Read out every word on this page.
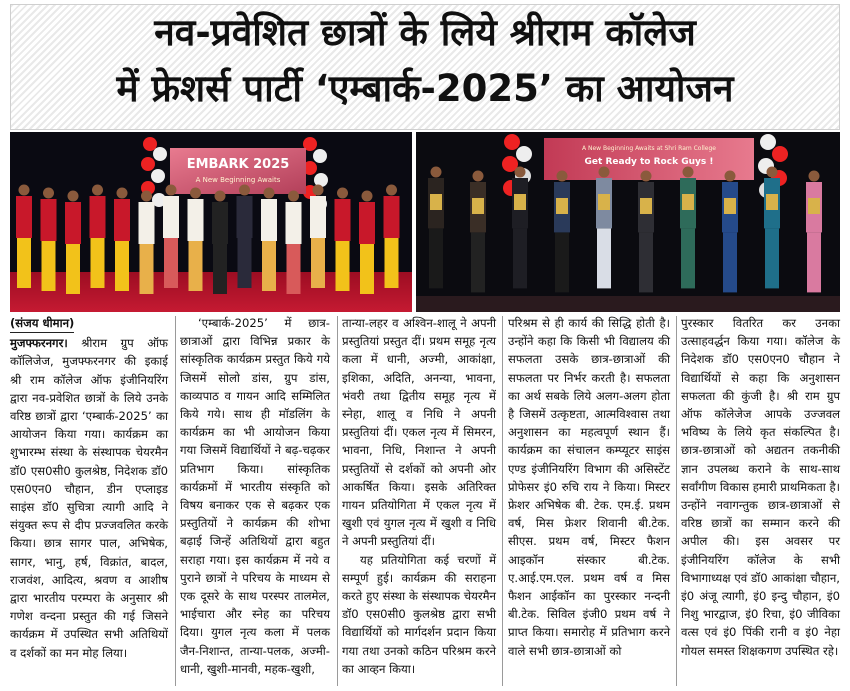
नव-प्रवेशित छात्रों के लिये श्रीराम कॉलेज
में फ्रेशर्स पार्टी ‘एम्बार्क-2025’ का आयोजन
EMBARK 2025
A New Beginning Awaits
A New Beginning Awaits at Shri Ram College
Get Ready to Rock Guys !
(संजय धीमान)

मुजफ्फरनगर। श्रीराम ग्रुप ऑफ कॉलिजेज, मुजफ्फरनगर की इकाई श्री राम कॉलेज ऑफ इंजीनियरिंग द्वारा नव-प्रवेशित छात्रों के लिये उनके वरिष्ठ छात्रों द्वारा ‘एम्बार्क-2025’ का आयोजन किया गया। कार्यक्रम का शुभारम्भ संस्था के संस्थापक चेयरमैन डॉ0 एस0सी0 कुलश्रेष्ठ, निदेशक डॉ0 एस0एन0 चौहान, डीन एप्लाइड साइंस डॉ0 सुचित्रा त्यागी आदि ने संयुक्त रूप से दीप प्रज्जवलित करके किया। छात्र सागर पाल, अभिषेक, सागर, भानु, हर्ष, विक्रांत, बादल, राजवंश, आदित्य, श्रवण व आशीष द्वारा भारतीय परम्परा के अनुसार श्री गणेश वन्दना प्रस्तुत की गई जिसने कार्यक्रम में उपस्थित सभी अतिथियों व दर्शकों का मन मोह लिया।

‘एम्बार्क-2025’ में छात्र-छात्राओं द्वारा विभिन्न प्रकार के सांस्कृतिक कार्यक्रम प्रस्तुत किये गये जिसमें सोलो डांस, ग्रुप डांस, काव्यपाठ व गायन आदि सम्मिलित किये गये। साथ ही मॉडलिंग के कार्यक्रम का भी आयोजन किया गया जिसमें विद्यार्थियों ने बढ़-चढ़कर प्रतिभाग किया। सांस्कृतिक कार्यक्रमों में भारतीय संस्कृति को विषय बनाकर एक से बढ़कर एक प्रस्तुतियों ने कार्यक्रम की शोभा बढ़ाई जिन्हें अतिथियों द्वारा बहुत सराहा गया। इस कार्यक्रम में नये व पुराने छात्रों ने परिचय के माध्यम से एक दूसरे के साथ परस्पर तालमेल, भाईचारा और स्नेह का परिचय दिया। युगल नृत्य कला में पलक जैन-निशान्त, तान्या-पलक, अज्मी-धानी, खुशी-मानवी, महक-खुशी,

तान्या-लहर व अश्विन-शालू ने अपनी प्रस्तुतियां प्रस्तुत दीं। प्रथम समूह नृत्य कला में धानी, अज्मी, आकांक्षा, इशिका, अदिति, अनन्या, भावना, भंवरी तथा द्वितीय समूह नृत्य में स्नेहा, शालू व निधि ने अपनी प्रस्तुतियां दीं। एकल नृत्य में सिमरन, भावना, निधि, निशान्त ने अपनी प्रस्तुतियों से दर्शकों को अपनी ओर आकर्षित किया। इसके अतिरिक्त गायन प्रतियोगिता में एकल नृत्य में खुशी एवं युगल नृत्य में खुशी व निधि ने अपनी प्रस्तुतियां दीं।

यह प्रतियोगिता कई चरणों में सम्पूर्ण हुई। कार्यक्रम की सराहना करते हुए संस्था के संस्थापक चेयरमैन डॉ0 एस0सी0 कुलश्रेष्ठ द्वारा सभी विद्यार्थियों को मार्गदर्शन प्रदान किया गया तथा उनको कठिन परिश्रम करने का आव्हन किया।

परिश्रम से ही कार्य की सिद्धि होती है। उन्होंने कहा कि किसी भी विद्यालय की सफलता उसके छात्र-छात्राओं की सफलता पर निर्भर करती है। सफलता का अर्थ सबके लिये अलग-अलग होता है जिसमें उत्कृष्टता, आत्मविश्वास तथा अनुशासन का महत्वपूर्ण स्थान हैं। कार्यक्रम का संचालन कम्प्यूटर साइंस एण्ड इंजीनियरिंग विभाग की असिस्टेंट प्रोफेसर इं0 रुचि राय ने किया। मिस्टर फ्रेशर अभिषेक बी. टेक. एम.ई. प्रथम वर्ष, मिस फ्रेशर शिवानी बी.टेक. सीएस. प्रथम वर्ष, मिस्टर फैशन आइकॉन संस्कार बी.टेक. ए.आई.एम.एल. प्रथम वर्ष व मिस फैशन आईकॉन का पुरस्कार नन्दनी बी.टेक. सिविल इंजी0 प्रथम वर्ष ने प्राप्त किया। समारोह में प्रतिभाग करने वाले सभी छात्र-छात्राओं को

पुरस्कार वितरित कर उनका उत्साहवर्द्धन किया गया। कॉलेज के निदेशक डॉ0 एस0एन0 चौहान ने विद्यार्थियों से कहा कि अनुशासन सफलता की कुंजी है। श्री राम ग्रुप ऑफ कॉलेजेज आपके उज्जवल भविष्य के लिये कृत संकल्पित है। छात्र-छात्राओं को अद्यतन तकनीकी ज्ञान उपलब्ध कराने के साथ-साथ सर्वांगीण विकास हमारी प्राथमिकता है। उन्होंने नवागन्तुक छात्र-छात्राओं से वरिष्ठ छात्रों का सम्मान करने की अपील की। इस अवसर पर इंजीनियरिंग कॉलेज के सभी विभागाध्यक्ष एवं डॉ0 आकांक्षा चौहान, इं0 अंजू त्यागी, इं0 इन्दु चौहान, इं0 निशु भारद्वाज, इं0 रिचा, इं0 जीविका वत्स एवं इं0 पिंकी रानी व इं0 नेहा गोयल समस्त शिक्षकगण उपस्थित रहे।
